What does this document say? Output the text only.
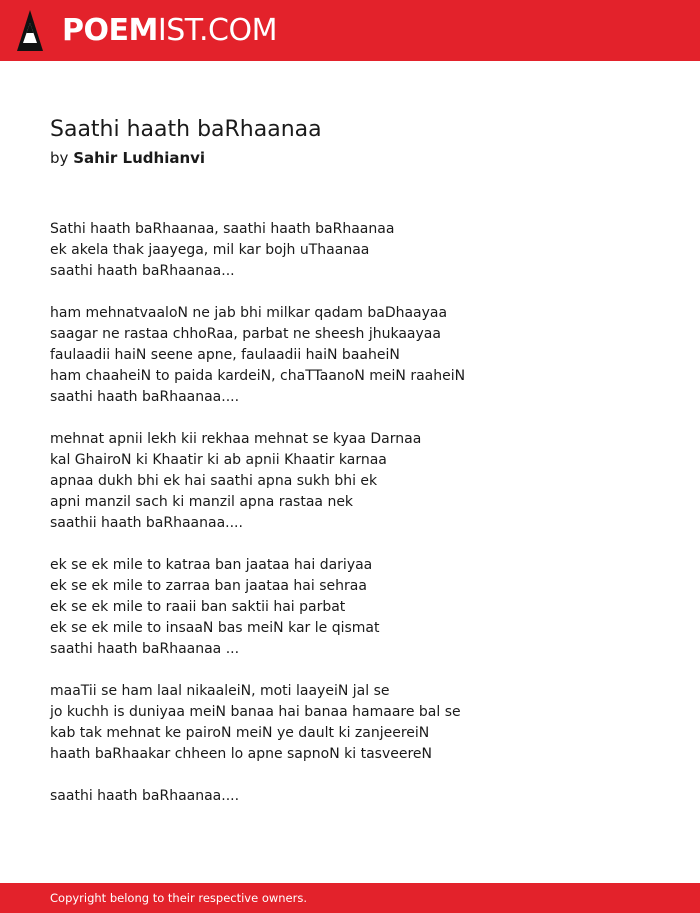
POEMIST.COM
Saathi haath baRhaanaa
by Sahir Ludhianvi
Sathi haath baRhaanaa, saathi haath baRhaanaa
ek akela thak jaayega, mil kar bojh uThaanaa
saathi haath baRhaanaa...
ham mehnatvaaloN ne jab bhi milkar qadam baDhaayaa
saagar ne rastaa chhoRaa, parbat ne sheesh jhukaayaa
faulaadii haiN seene apne, faulaadii haiN baaheiN
ham chaaheiN to paida kardeiN, chaTTaanoN meiN raaheiN
saathi haath baRhaanaa....
mehnat apnii lekh kii rekhaa mehnat se kyaa Darnaa
kal GhairoN ki Khaatir ki ab apnii Khaatir karnaa
apnaa dukh bhi ek hai saathi apna sukh bhi ek
apni manzil sach ki manzil apna rastaa nek
saathii haath baRhaanaa....
ek se ek mile to katraa ban jaataa hai dariyaa
ek se ek mile to zarraa ban jaataa hai sehraa
ek se ek mile to raaii ban saktii hai parbat
ek se ek mile to insaaN bas meiN kar le qismat
saathi haath baRhaanaa ...
maaTii se ham laal nikaaleiN, moti laayeiN jal se
jo kuchh is duniyaa meiN banaa hai banaa hamaare bal se
kab tak mehnat ke pairoN meiN ye dault ki zanjeereiN
haath baRhaakar chheen lo apne sapnoN ki tasveereN
saathi haath baRhaanaa....
Copyright belong to their respective owners.
